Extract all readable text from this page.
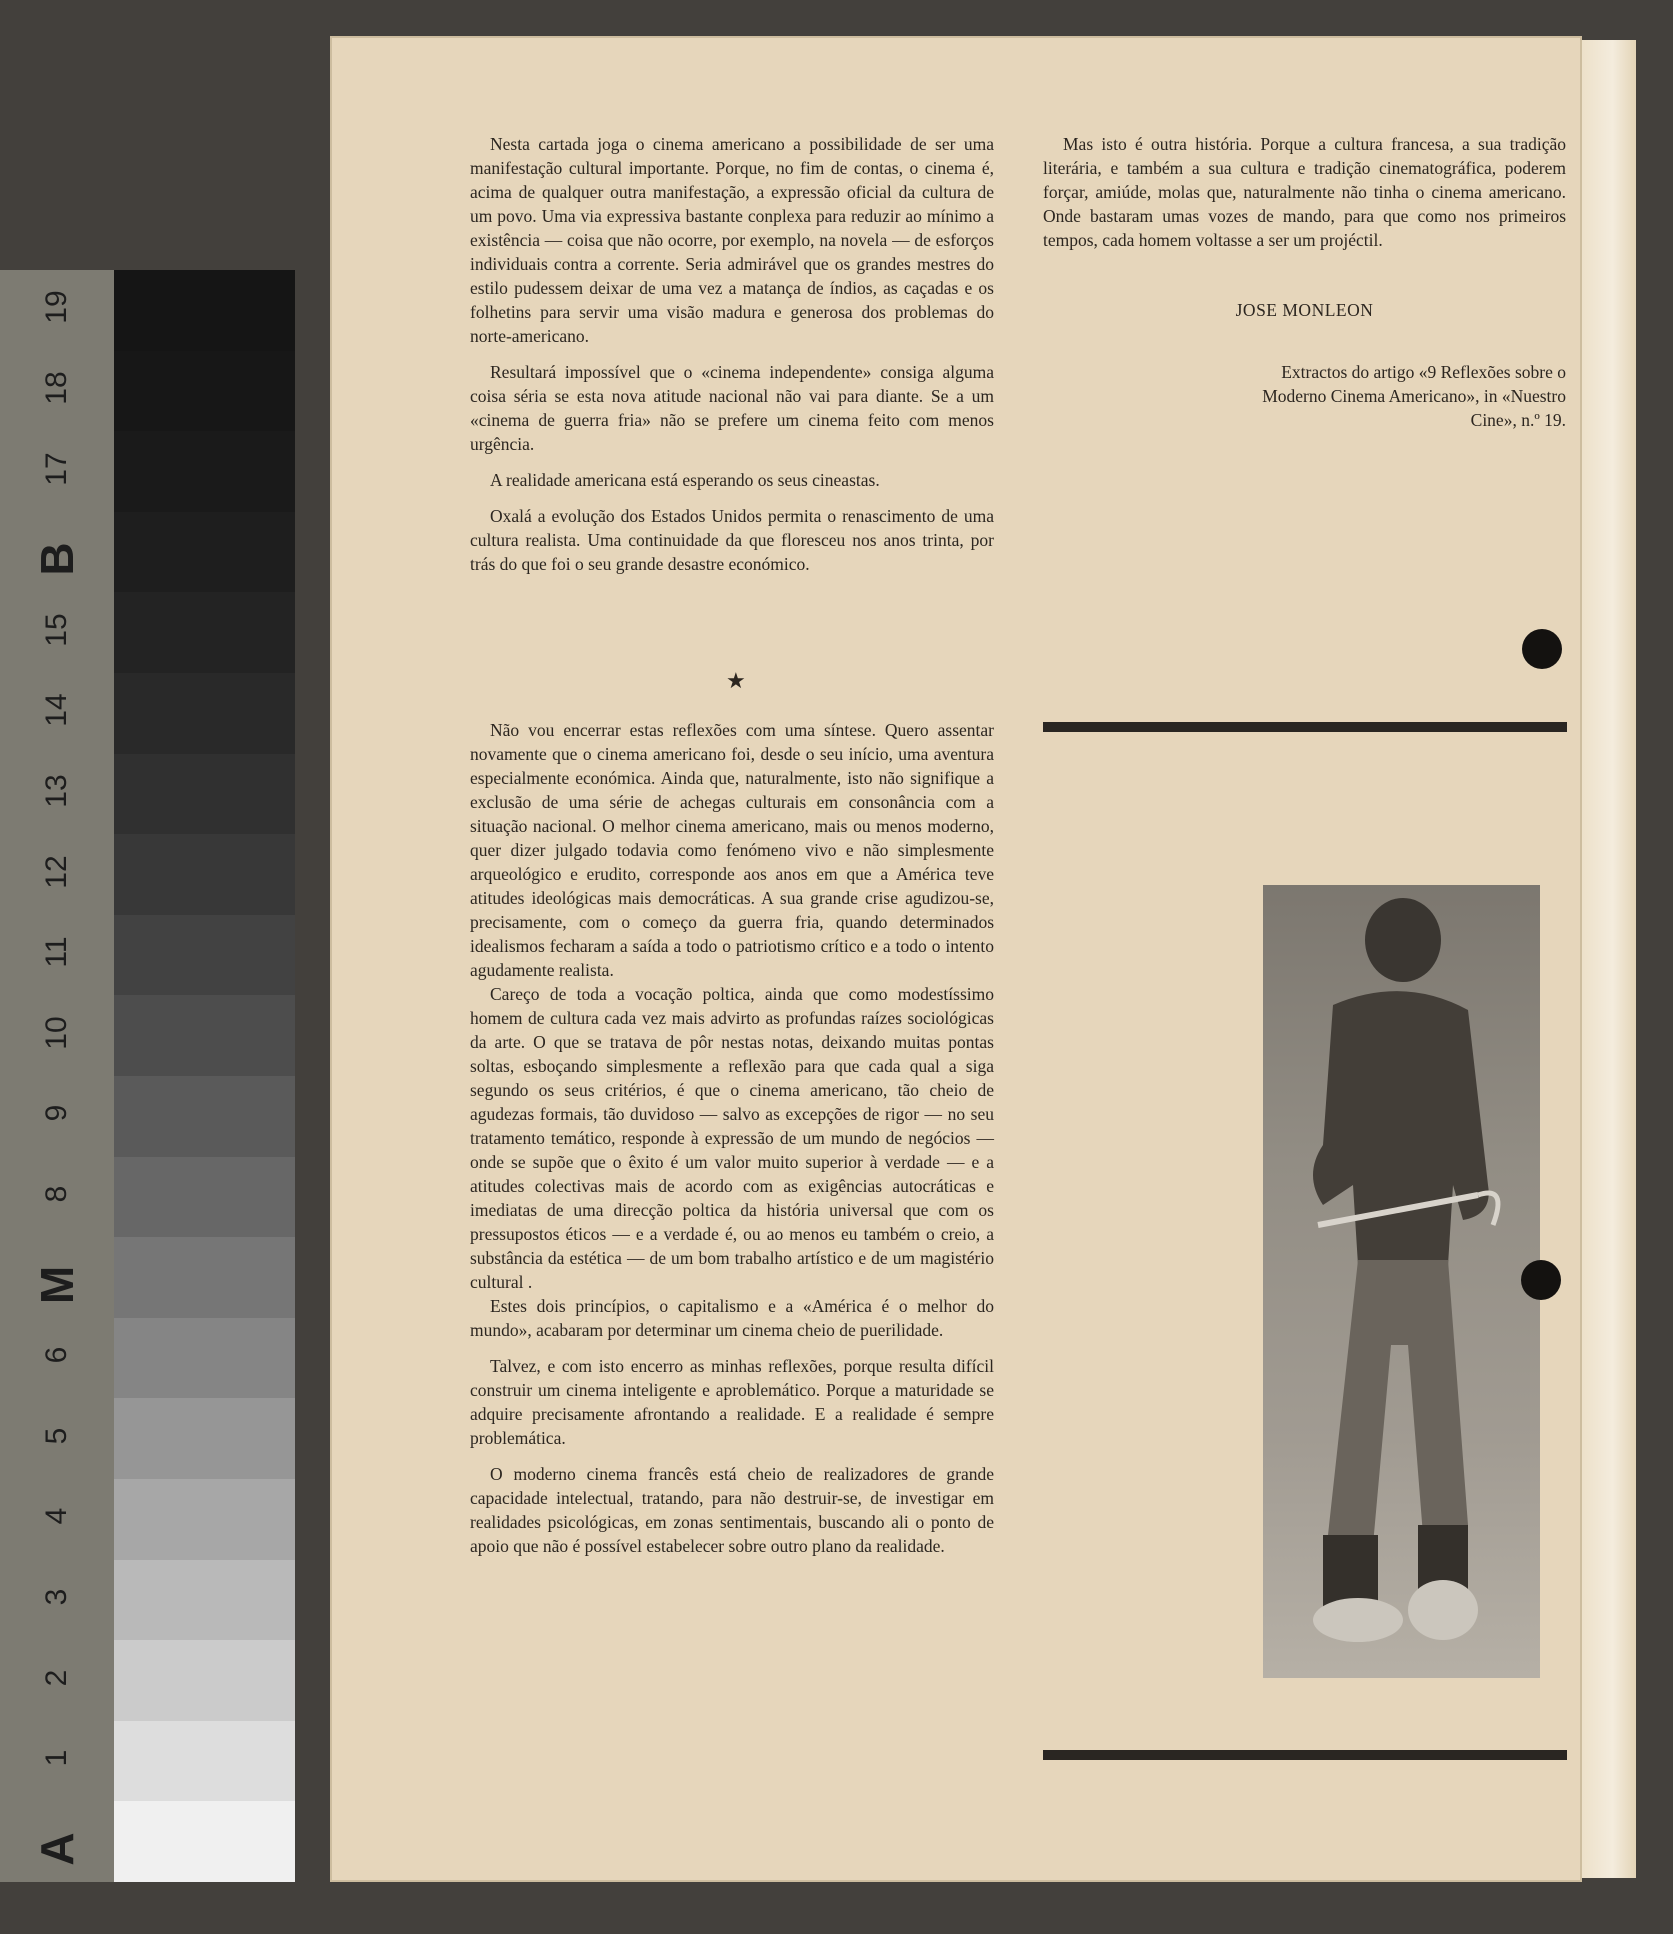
19
18
17
B
15
14
13
12
11
10
9
8
M
6
5
4
3
2
1
A

Nesta cartada joga o cinema americano a possibilidade de ser uma manifestação cultural importante. Porque, no fim de contas, o cinema é, acima de qualquer outra manifestação, a expressão oficial da cultura de um povo. Uma via expressiva bastante conplexa para reduzir ao mínimo a existência — coisa que não ocorre, por exemplo, na novela — de esforços individuais contra a corrente. Seria admirável que os grandes mestres do estilo pudessem deixar de uma vez a matança de índios, as caçadas e os folhetins para servir uma visão madura e generosa dos problemas do norte-americano.

Resultará impossível que o «cinema independente» consiga alguma coisa séria se esta nova atitude nacional não vai para diante. Se a um «cinema de guerra fria» não se prefere um cinema feito com menos urgência.

A realidade americana está esperando os seus cineastas.

Oxalá a evolução dos Estados Unidos permita o renascimento de uma cultura realista. Uma continuidade da que floresceu nos anos trinta, por trás do que foi o seu grande desastre económico.

★

Não vou encerrar estas reflexões com uma síntese. Quero assentar novamente que o cinema americano foi, desde o seu início, uma aventura especialmente económica. Ainda que, naturalmente, isto não signifique a exclusão de uma série de achegas culturais em consonância com a situação nacional. O melhor cinema americano, mais ou menos moderno, quer dizer julgado todavia como fenómeno vivo e não simplesmente arqueológico e erudito, corresponde aos anos em que a América teve atitudes ideológicas mais democráticas. A sua grande crise agudizou-se, precisamente, com o começo da guerra fria, quando determinados idealismos fecharam a saída a todo o patriotismo crítico e a todo o intento agudamente realista.

Careço de toda a vocação poltica, ainda que como modestíssimo homem de cultura cada vez mais advirto as profundas raízes sociológicas da arte. O que se tratava de pôr nestas notas, deixando muitas pontas soltas, esboçando simplesmente a reflexão para que cada qual a siga segundo os seus critérios, é que o cinema americano, tão cheio de agudezas formais, tão duvidoso — salvo as excepções de rigor — no seu tratamento temático, responde à expressão de um mundo de negócios — onde se supõe que o êxito é um valor muito superior à verdade — e a atitudes colectivas mais de acordo com as exigências autocráticas e imediatas de uma direcção poltica da história universal que com os pressupostos éticos — e a verdade é, ou ao menos eu também o creio, a substância da estética — de um bom trabalho artístico e de um magistério cultural .

Estes dois princípios, o capitalismo e a «América é o melhor do mundo», acabaram por determinar um cinema cheio de puerilidade.

Talvez, e com isto encerro as minhas reflexões, porque resulta difícil construir um cinema inteligente e aproblemático. Porque a maturidade se adquire precisamente afrontando a realidade. E a realidade é sempre problemática.

O moderno cinema francês está cheio de realizadores de grande capacidade intelectual, tratando, para não destruir-se, de investigar em realidades psicológicas, em zonas sentimentais, buscando ali o ponto de apoio que não é possível estabelecer sobre outro plano da realidade.

Mas isto é outra história. Porque a cultura francesa, a sua tradição literária, e também a sua cultura e tradição cinematográfica, poderem forçar, amiúde, molas que, naturalmente não tinha o cinema americano. Onde bastaram umas vozes de mando, para que como nos primeiros tempos, cada homem voltasse a ser um projéctil.

JOSE MONLEON
Extractos do artigo «9 Reflexões sobre o Moderno Cinema Americano», in «Nuestro Cine», n.º 19.
